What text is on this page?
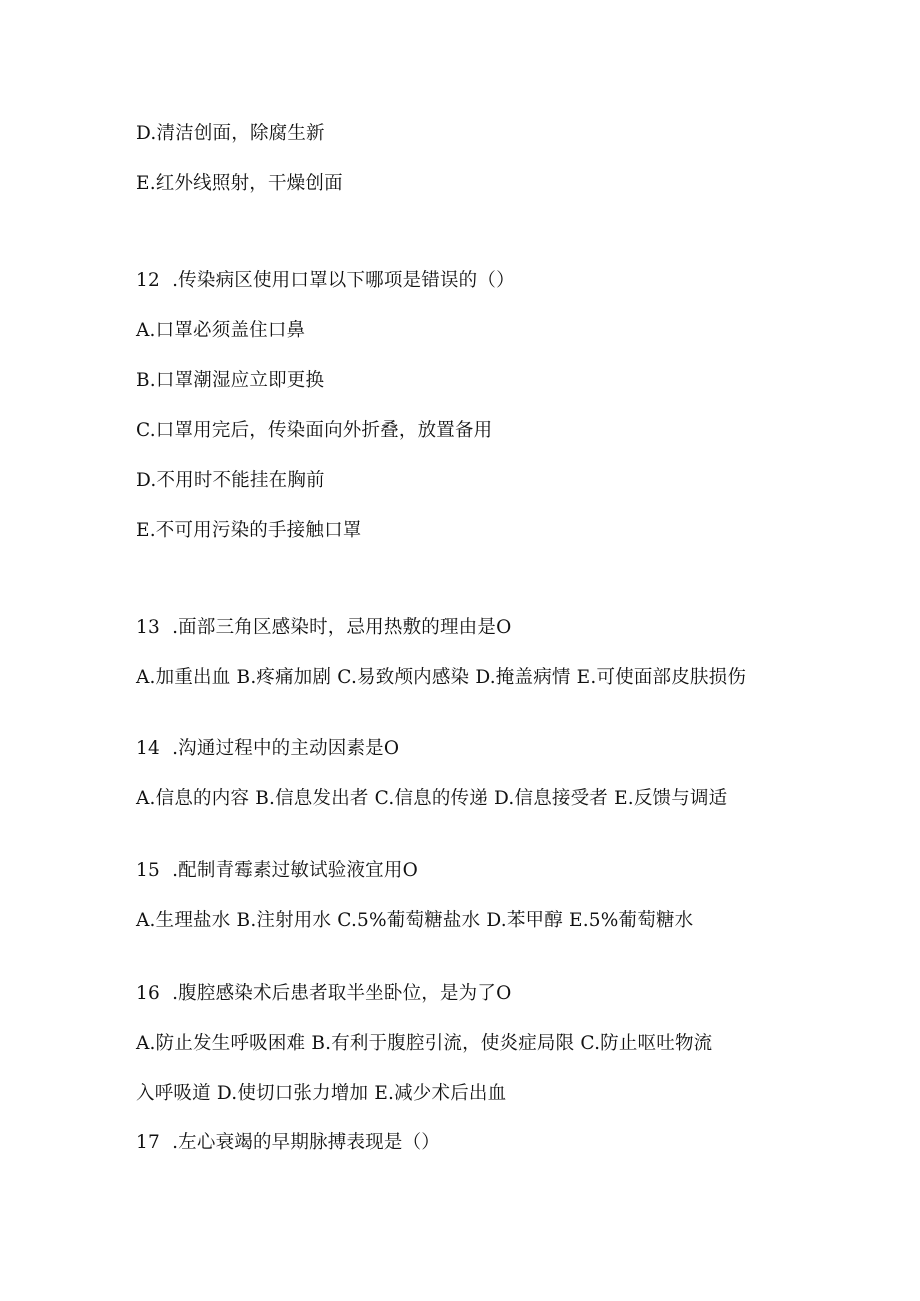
D.清洁创面，除腐生新
E.红外线照射，干燥创面
12  .传染病区使用口罩以下哪项是错误的（）
A.口罩必须盖住口鼻
B.口罩潮湿应立即更换
C.口罩用完后，传染面向外折叠，放置备用
D.不用时不能挂在胸前
E.不可用污染的手接触口罩
13  .面部三角区感染时，忌用热敷的理由是O
A.加重出血 B.疼痛加剧 C.易致颅内感染 D.掩盖病情 E.可使面部皮肤损伤
14  .沟通过程中的主动因素是O
A.信息的内容 B.信息发出者 C.信息的传递 D.信息接受者 E.反馈与调适
15  .配制青霉素过敏试验液宜用O
A.生理盐水 B.注射用水 C.5%葡萄糖盐水 D.苯甲醇 E.5%葡萄糖水
16  .腹腔感染术后患者取半坐卧位，是为了O
A.防止发生呼吸困难 B.有利于腹腔引流，使炎症局限 C.防止呕吐物流
入呼吸道 D.使切口张力增加 E.减少术后出血
17  .左心衰竭的早期脉搏表现是（）
